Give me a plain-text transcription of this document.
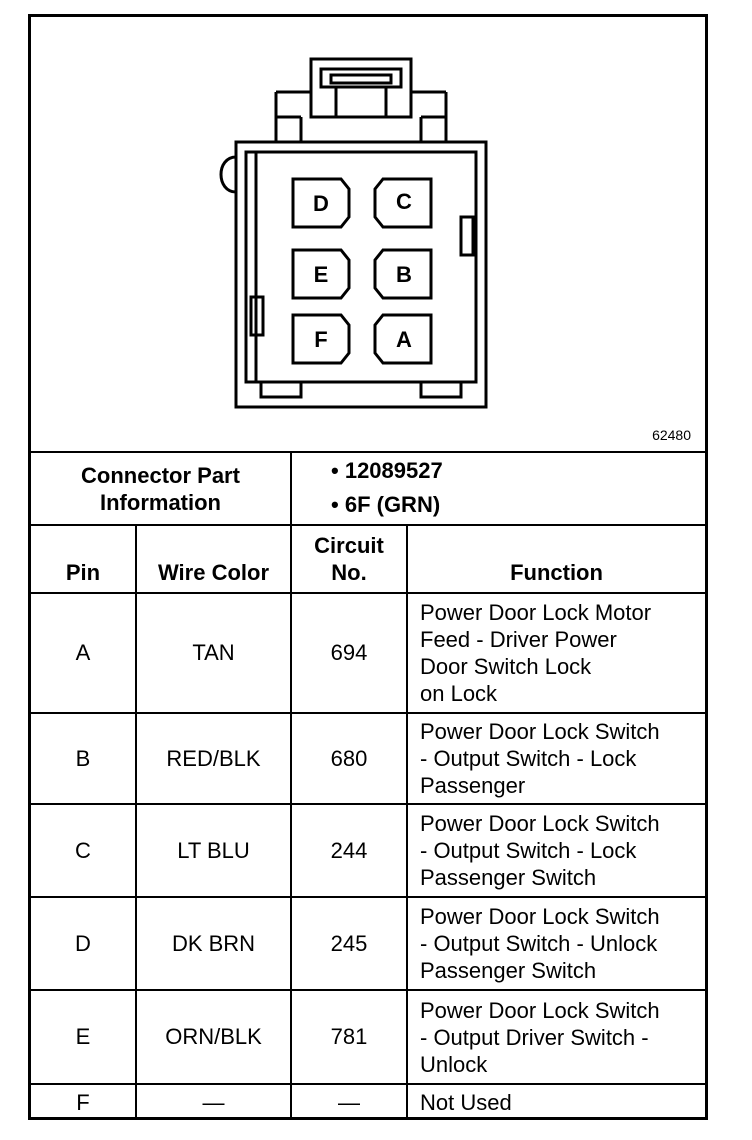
D	C
E	B
F	A
62480
Connector Part
Information
• 12089527
• 6F (GRN)
Pin	Wire Color
Circuit
No.	Function
A	TAN	694
Power Door Lock Motor
Feed - Driver Power
Door Switch Lock
on Lock
B	RED/BLK	680
Power Door Lock Switch
- Output Switch - Lock
Passenger
C	LT BLU	244
Power Door Lock Switch
- Output Switch - Lock
Passenger Switch
D	DK BRN	245
Power Door Lock Switch
- Output Switch - Unlock
Passenger Switch
E	ORN/BLK	781
Power Door Lock Switch
- Output Driver Switch -
Unlock
F	—	—	Not Used
